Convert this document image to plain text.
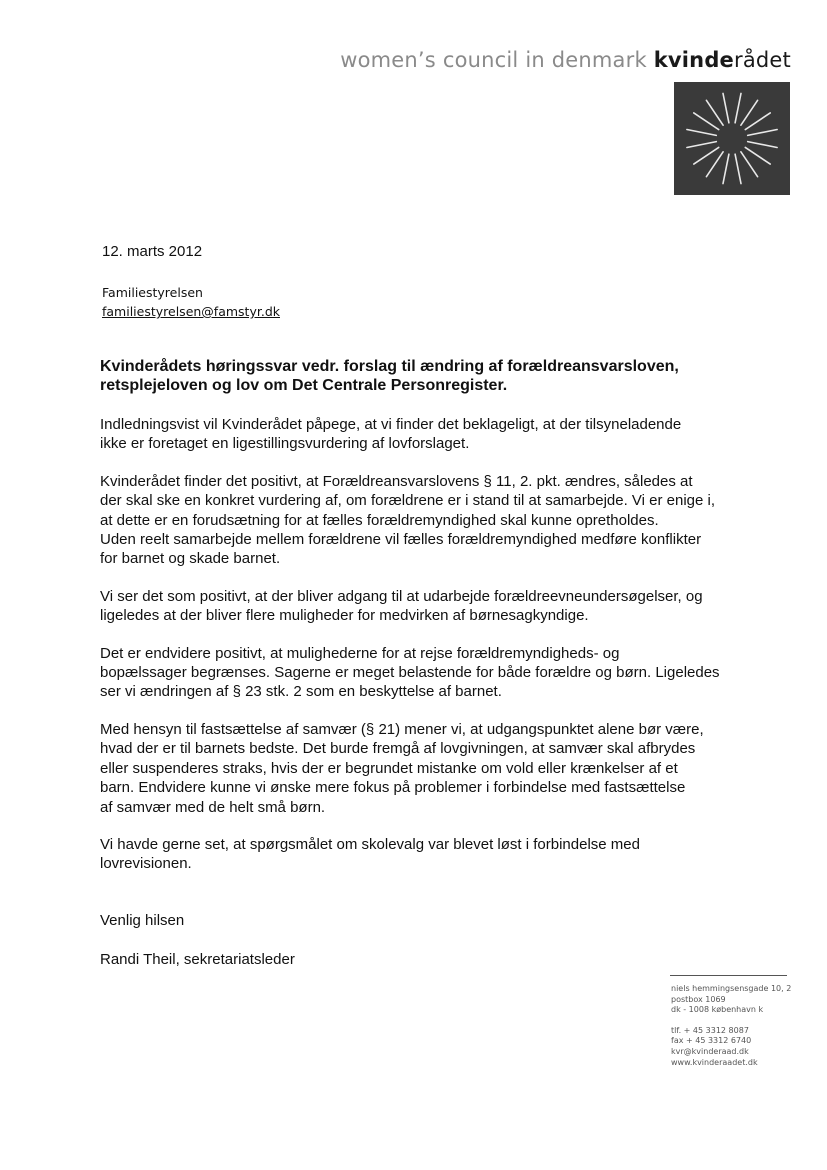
women’s council in denmark kvinderådet
12. marts 2012
Familiestyrelsen
familiestyrelsen@famstyr.dk
Kvinderådets høringssvar vedr. forslag til ændring af forældreansvarsloven, retsplejeloven og lov om Det Centrale Personregister.

Indledningsvist vil Kvinderådet påpege, at vi finder det beklageligt, at der tilsyneladende
ikke er foretaget en ligestillingsvurdering af lovforslaget.

Kvinderådet finder det positivt, at Forældreansvarslovens § 11, 2. pkt. ændres, således at
der skal ske en konkret vurdering af, om forældrene er i stand til at samarbejde. Vi er enige i,
at dette er en forudsætning for at fælles forældremyndighed skal kunne opretholdes.
Uden reelt samarbejde mellem forældrene vil fælles forældremyndighed medføre konflikter
for barnet og skade barnet.

Vi ser det som positivt, at der bliver adgang til at udarbejde forældreevneundersøgelser, og
ligeledes at der bliver flere muligheder for medvirken af børnesagkyndige.

Det er endvidere positivt, at mulighederne for at rejse forældremyndigheds- og
bopælssager begrænses. Sagerne er meget belastende for både forældre og børn. Ligeledes
ser vi ændringen af § 23 stk. 2 som en beskyttelse af barnet.

Med hensyn til fastsættelse af samvær (§ 21) mener vi, at udgangspunktet alene bør være,
hvad der er til barnets bedste. Det burde fremgå af lovgivningen, at samvær skal afbrydes
eller suspenderes straks, hvis der er begrundet mistanke om vold eller krænkelser af et
barn. Endvidere kunne vi ønske mere fokus på problemer i forbindelse med fastsættelse
af samvær med de helt små børn.

Vi havde gerne set, at spørgsmålet om skolevalg var blevet løst i forbindelse med
lovrevisionen.

Venlig hilsen

Randi Theil, sekretariatsleder

niels hemmingsensgade 10, 2
postbox 1069
dk - 1008 københavn k
tlf. + 45 3312 8087
fax + 45 3312 6740
kvr@kvinderaad.dk
www.kvinderaadet.dk
